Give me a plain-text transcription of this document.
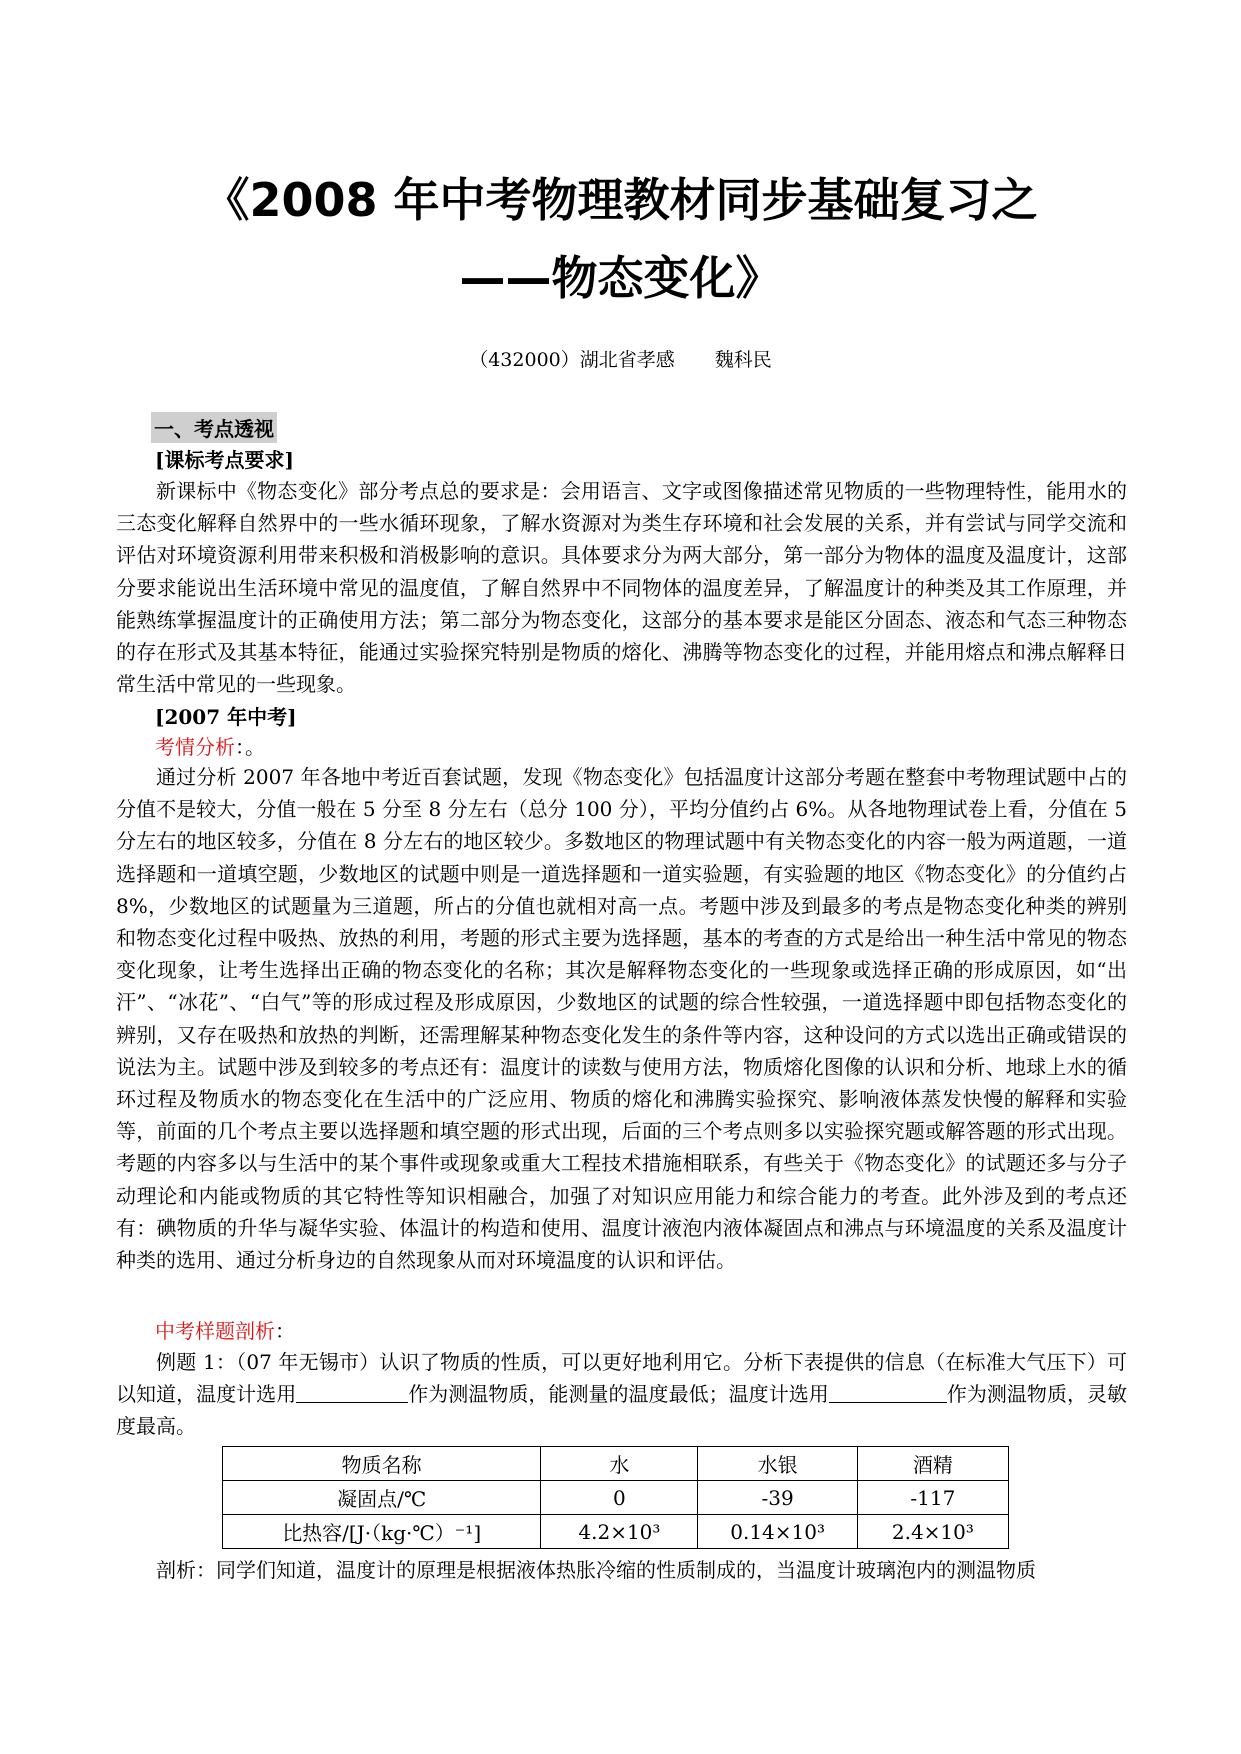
《2008 年中考物理教材同步基础复习之
——物态变化》
（432000）湖北省孝感 魏科民
一、考点透视
[课标考点要求]

新课标中《物态变化》部分考点总的要求是：会用语言、文字或图像描述常见物质的一些物理特性，能用水的三态变化解释自然界中的一些水循环现象，了解水资源对为类生存环境和社会发展的关系，并有尝试与同学交流和评估对环境资源利用带来积极和消极影响的意识。具体要求分为两大部分，第一部分为物体的温度及温度计，这部分要求能说出生活环境中常见的温度值，了解自然界中不同物体的温度差异，了解温度计的种类及其工作原理，并能熟练掌握温度计的正确使用方法；第二部分为物态变化，这部分的基本要求是能区分固态、液态和气态三种物态的存在形式及其基本特征，能通过实验探究特别是物质的熔化、沸腾等物态变化的过程，并能用熔点和沸点解释日常生活中常见的一些现象。

[2007 年中考]
考情分析：。

通过分析 2007 年各地中考近百套试题，发现《物态变化》包括温度计这部分考题在整套中考物理试题中占的分值不是较大，分值一般在 5 分至 8 分左右（总分 100 分），平均分值约占 6%。从各地物理试卷上看，分值在 5 分左右的地区较多，分值在 8 分左右的地区较少。多数地区的物理试题中有关物态变化的内容一般为两道题，一道选择题和一道填空题，少数地区的试题中则是一道选择题和一道实验题，有实验题的地区《物态变化》的分值约占 8%，少数地区的试题量为三道题，所占的分值也就相对高一点。考题中涉及到最多的考点是物态变化种类的辨别和物态变化过程中吸热、放热的利用，考题的形式主要为选择题，基本的考查的方式是给出一种生活中常见的物态变化现象，让考生选择出正确的物态变化的名称；其次是解释物态变化的一些现象或选择正确的形成原因，如“出汗”、“冰花”、“白气”等的形成过程及形成原因，少数地区的试题的综合性较强，一道选择题中即包括物态变化的辨别，又存在吸热和放热的判断，还需理解某种物态变化发生的条件等内容，这种设问的方式以选出正确或错误的说法为主。试题中涉及到较多的考点还有：温度计的读数与使用方法，物质熔化图像的认识和分析、地球上水的循环过程及物质水的物态变化在生活中的广泛应用、物质的熔化和沸腾实验探究、影响液体蒸发快慢的解释和实验等，前面的几个考点主要以选择题和填空题的形式出现，后面的三个考点则多以实验探究题或解答题的形式出现。考题的内容多以与生活中的某个事件或现象或重大工程技术措施相联系，有些关于《物态变化》的试题还多与分子动理论和内能或物质的其它特性等知识相融合，加强了对知识应用能力和综合能力的考查。此外涉及到的考点还有：碘物质的升华与凝华实验、体温计的构造和使用、温度计液泡内液体凝固点和沸点与环境温度的关系及温度计种类的选用、通过分析身边的自然现象从而对环境温度的认识和评估。

中考样题剖析：

例题 1：（07 年无锡市）认识了物质的性质，可以更好地利用它。分析下表提供的信息（在标准大气压下）可以知道，温度计选用	作为测温物质，能测量的温度最低；温度计选用	作为测温物质，灵敏度最高。

物质名称	水	水银	酒精
凝固点/℃	0	-39	-117
比热容/[J·（kg·℃）⁻¹]	4.2×10³	0.14×10³	2.4×10³
剖析：同学们知道，温度计的原理是根据液体热胀冷缩的性质制成的，当温度计玻璃泡内的测温物质
